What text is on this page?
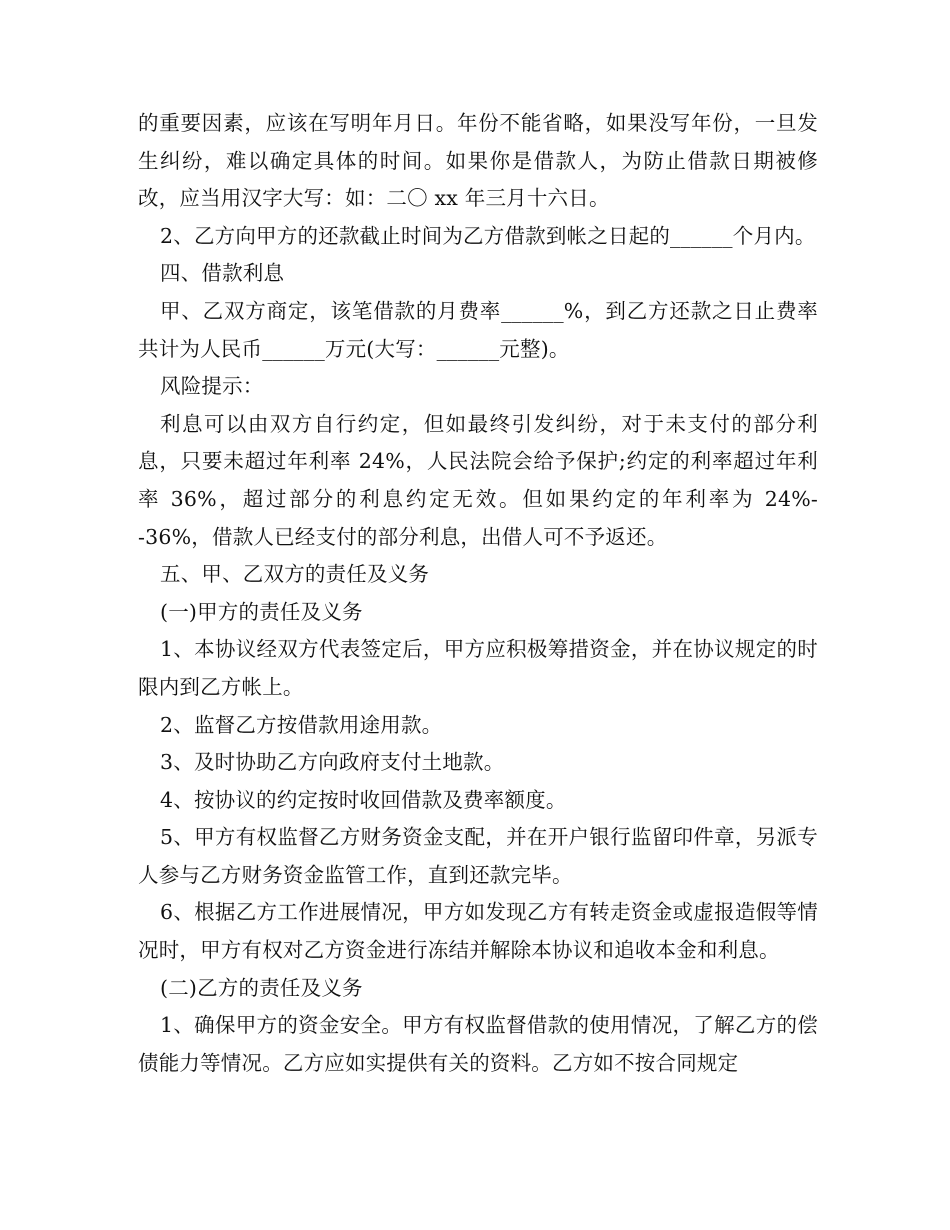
的重要因素，应该在写明年月日。年份不能省略，如果没写年份，一旦发生纠纷，难以确定具体的时间。如果你是借款人，为防止借款日期被修改，应当用汉字大写：如：二〇 xx 年三月十六日。

2、乙方向甲方的还款截止时间为乙方借款到帐之日起的______个月内。

四、借款利息

甲、乙双方商定，该笔借款的月费率______%，到乙方还款之日止费率共计为人民币______万元(大写：______元整)。

风险提示：

利息可以由双方自行约定，但如最终引发纠纷，对于未支付的部分利息，只要未超过年利率 24%，人民法院会给予保护;约定的利率超过年利率 36%，超过部分的利息约定无效。但如果约定的年利率为 24%--36%，借款人已经支付的部分利息，出借人可不予返还。

五、甲、乙双方的责任及义务

(一)甲方的责任及义务

1、本协议经双方代表签定后，甲方应积极筹措资金，并在协议规定的时限内到乙方帐上。

2、监督乙方按借款用途用款。

3、及时协助乙方向政府支付土地款。

4、按协议的约定按时收回借款及费率额度。

5、甲方有权监督乙方财务资金支配，并在开户银行监留印件章，另派专人参与乙方财务资金监管工作，直到还款完毕。

6、根据乙方工作进展情况，甲方如发现乙方有转走资金或虚报造假等情况时，甲方有权对乙方资金进行冻结并解除本协议和追收本金和利息。

(二)乙方的责任及义务

1、确保甲方的资金安全。甲方有权监督借款的使用情况，了解乙方的偿债能力等情况。乙方应如实提供有关的资料。乙方如不按合同规定
